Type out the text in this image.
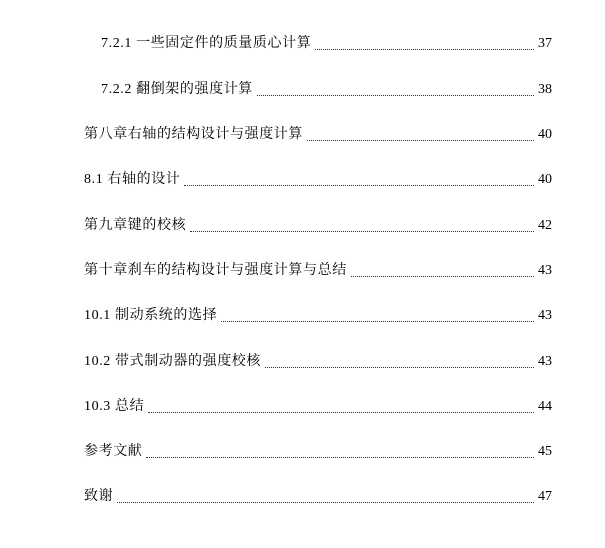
7.2.1 一些固定件的质量质心计算	37
7.2.2 翻倒架的强度计算	38
第八章右轴的结构设计与强度计算	40
8.1 右轴的设计	40
第九章键的校核	42
第十章刹车的结构设计与强度计算与总结	43
10.1 制动系统的选择	43
10.2 带式制动器的强度校核	43
10.3 总结	44
参考文献	45
致谢	47
